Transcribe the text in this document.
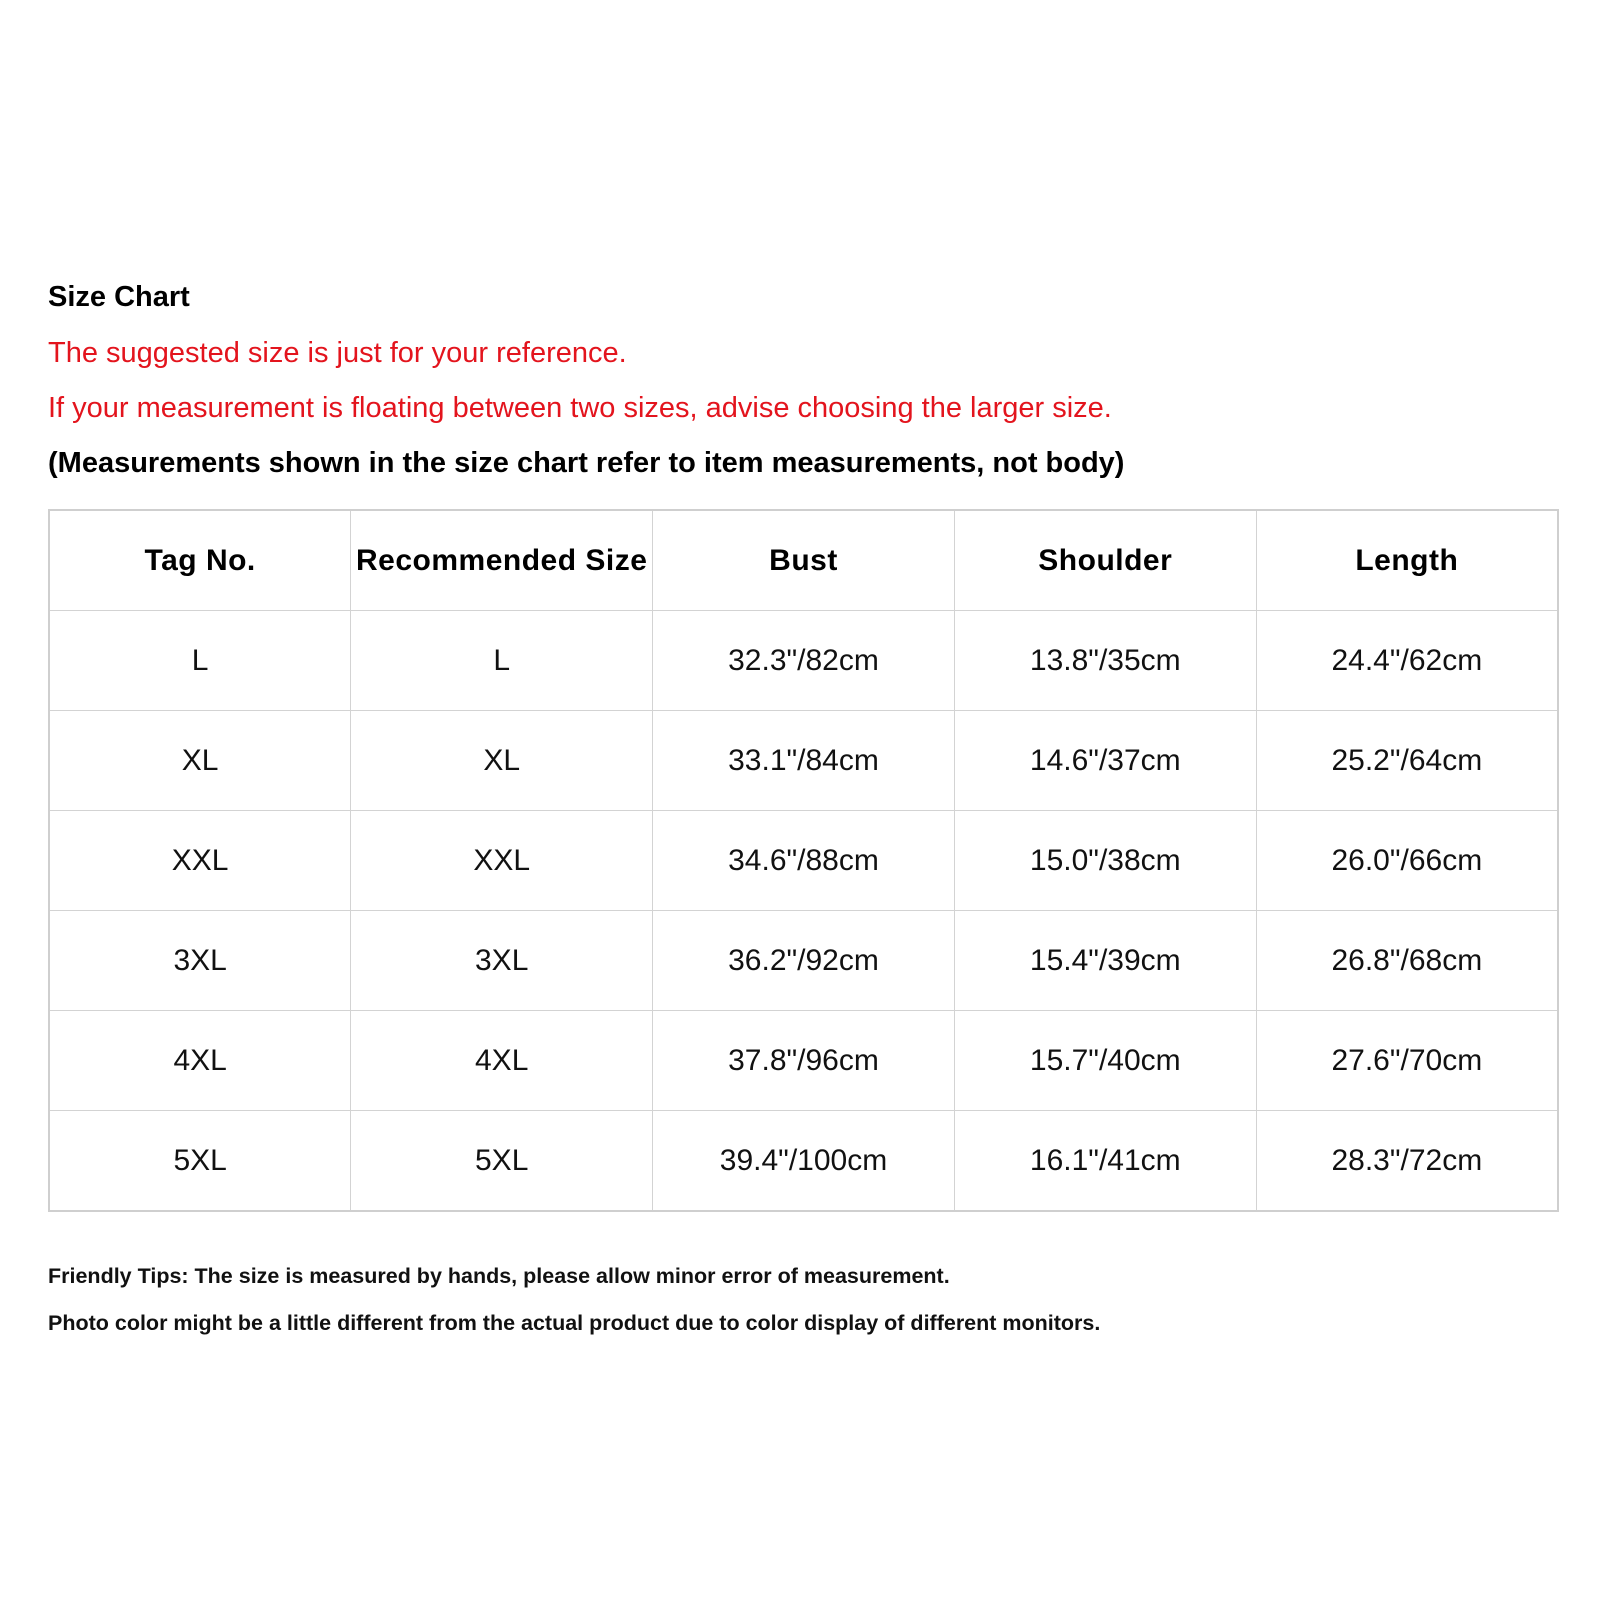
Size Chart
The suggested size is just for your reference.
If your measurement is floating between two sizes, advise choosing the larger size.
(Measurements shown in the size chart refer to item measurements, not body)
Tag No.	Recommended Size	Bust	Shoulder	Length
L	L	32.3"/82cm	13.8"/35cm	24.4"/62cm
XL	XL	33.1"/84cm	14.6"/37cm	25.2"/64cm
XXL	XXL	34.6"/88cm	15.0"/38cm	26.0"/66cm
3XL	3XL	36.2"/92cm	15.4"/39cm	26.8"/68cm
4XL	4XL	37.8"/96cm	15.7"/40cm	27.6"/70cm
5XL	5XL	39.4"/100cm	16.1"/41cm	28.3"/72cm
Friendly Tips: The size is measured by hands, please allow minor error of measurement.
Photo color might be a little different from the actual product due to color display of different monitors.
